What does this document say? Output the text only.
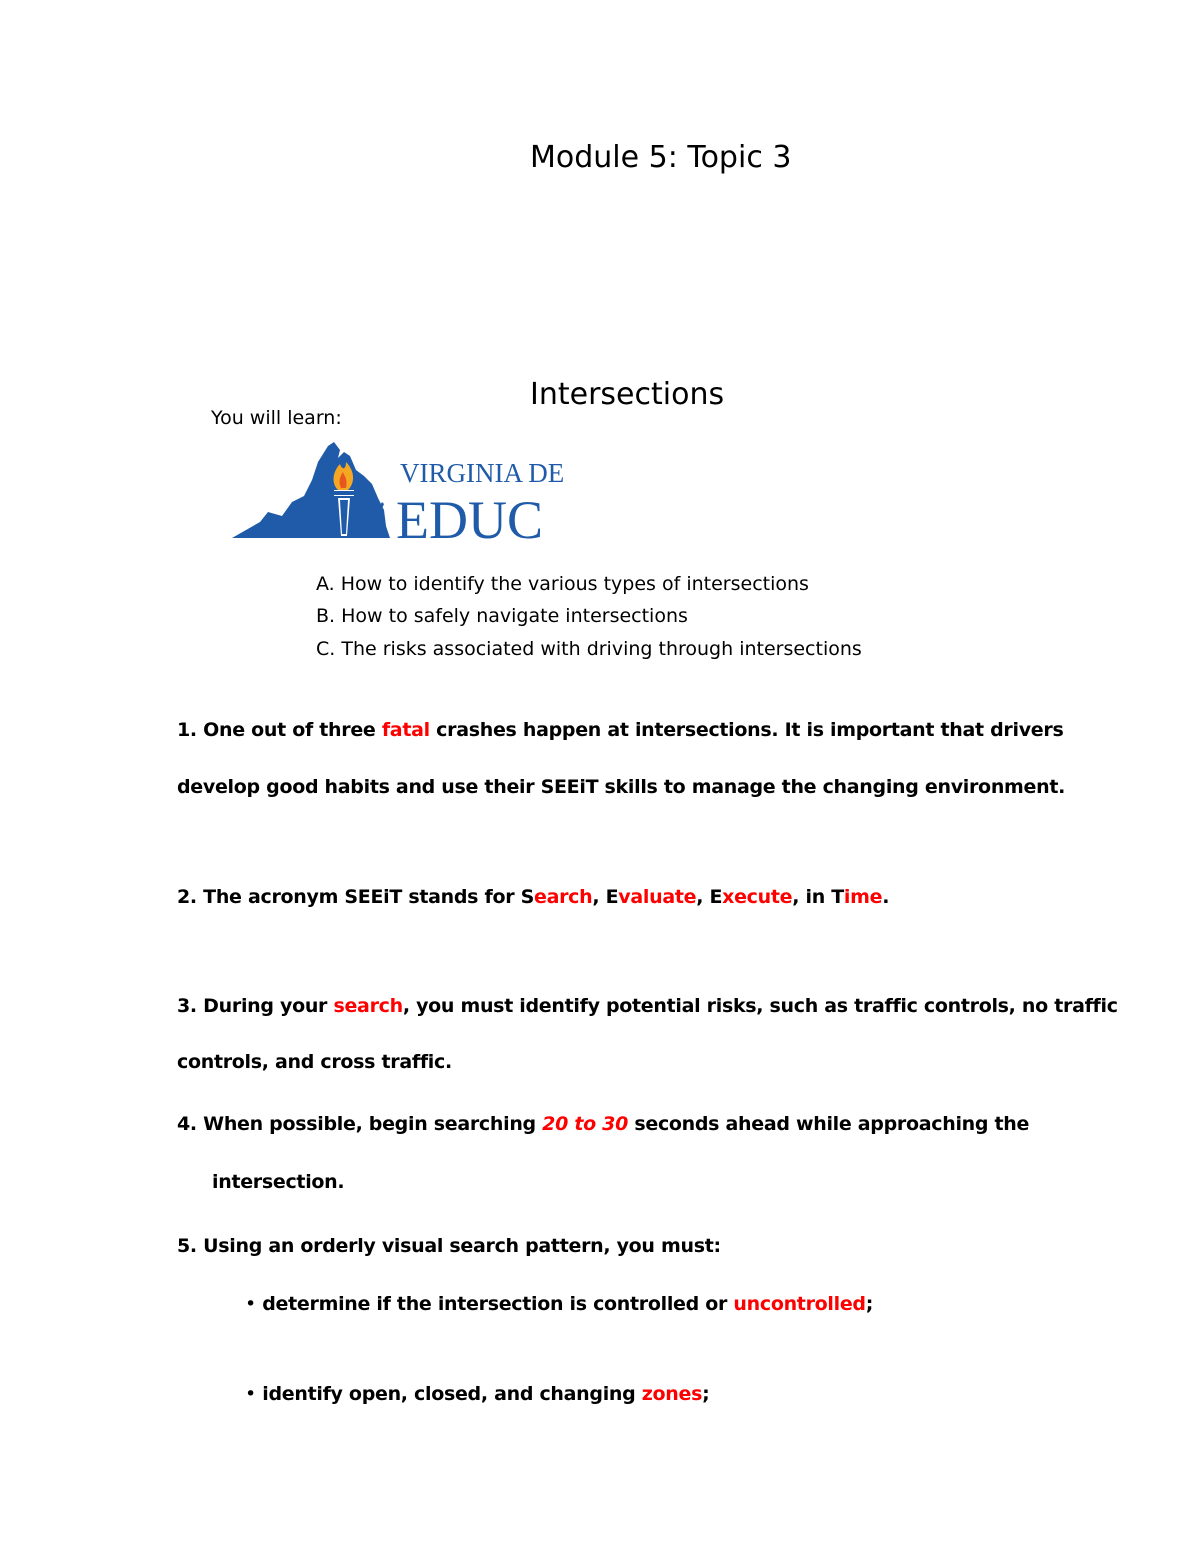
Module 5: Topic 3
Intersections
You will learn:
VIRGINIA DE
EDUC
A. How to identify the various types of intersections
B. How to safely navigate intersections
C. The risks associated with driving through intersections
1. One out of three fatal crashes happen at intersections. It is important that drivers
develop good habits and use their SEEiT skills to manage the changing environment.
2. The acronym SEEiT stands for Search, Evaluate, Execute, in Time.
3. During your search, you must identify potential risks, such as traffic controls, no traffic
controls, and cross traffic.
4. When possible, begin searching 20 to 30 seconds ahead while approaching the
intersection.
5. Using an orderly visual search pattern, you must:
• determine if the intersection is controlled or uncontrolled;
• identify open, closed, and changing zones;
